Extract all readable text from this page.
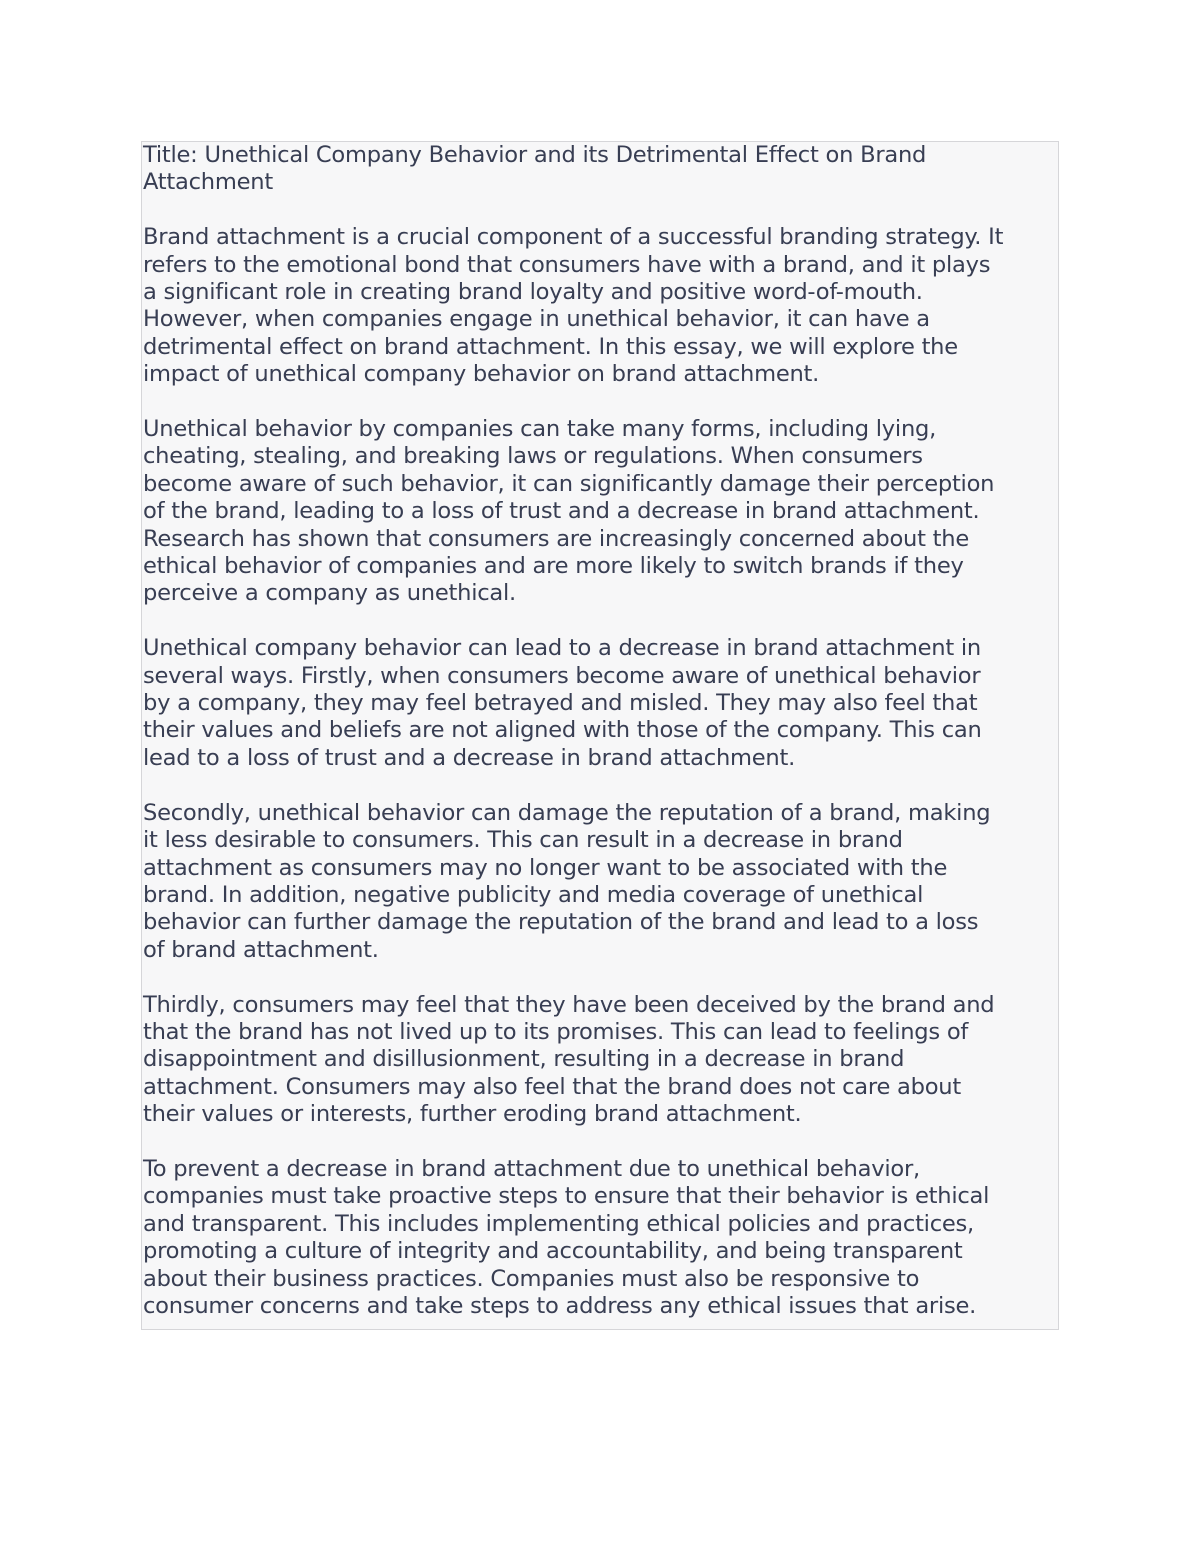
Title: Unethical Company Behavior and its Detrimental Effect on Brand
Attachment

Brand attachment is a crucial component of a successful branding strategy. It
refers to the emotional bond that consumers have with a brand, and it plays
a significant role in creating brand loyalty and positive word-of-mouth.
However, when companies engage in unethical behavior, it can have a
detrimental effect on brand attachment. In this essay, we will explore the
impact of unethical company behavior on brand attachment.

Unethical behavior by companies can take many forms, including lying,
cheating, stealing, and breaking laws or regulations. When consumers
become aware of such behavior, it can significantly damage their perception
of the brand, leading to a loss of trust and a decrease in brand attachment.
Research has shown that consumers are increasingly concerned about the
ethical behavior of companies and are more likely to switch brands if they
perceive a company as unethical.

Unethical company behavior can lead to a decrease in brand attachment in
several ways. Firstly, when consumers become aware of unethical behavior
by a company, they may feel betrayed and misled. They may also feel that
their values and beliefs are not aligned with those of the company. This can
lead to a loss of trust and a decrease in brand attachment.

Secondly, unethical behavior can damage the reputation of a brand, making
it less desirable to consumers. This can result in a decrease in brand
attachment as consumers may no longer want to be associated with the
brand. In addition, negative publicity and media coverage of unethical
behavior can further damage the reputation of the brand and lead to a loss
of brand attachment.

Thirdly, consumers may feel that they have been deceived by the brand and
that the brand has not lived up to its promises. This can lead to feelings of
disappointment and disillusionment, resulting in a decrease in brand
attachment. Consumers may also feel that the brand does not care about
their values or interests, further eroding brand attachment.

To prevent a decrease in brand attachment due to unethical behavior,
companies must take proactive steps to ensure that their behavior is ethical
and transparent. This includes implementing ethical policies and practices,
promoting a culture of integrity and accountability, and being transparent
about their business practices. Companies must also be responsive to
consumer concerns and take steps to address any ethical issues that arise.
